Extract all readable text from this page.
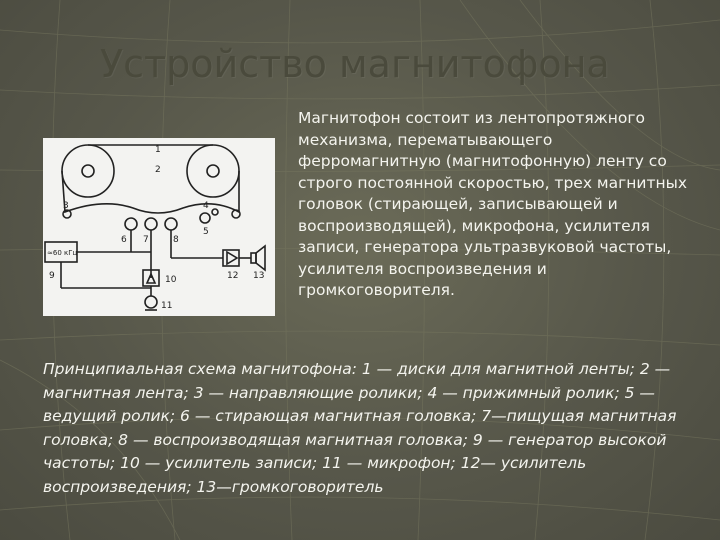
Устройство магнитофона
1
2
3	4
5
6 7	8
9	10
11
12 13
≈60 кГц
Магнитофон состоит из лентопротяжного механизма, перематывающего ферромагнитную (магнитофонную) ленту со строго постоянной скоростью, трех магнитных головок (стирающей, записывающей и воспроизводящей), микрофона, усилителя записи, генератора ультразвуковой частоты, усилителя воспроизведения и громкоговорителя.
Принципиальная схема магнитофона: 1 — диски для магнитной ленты; 2 — магнитная лента; 3 — направляющие ролики; 4 — прижимный ролик; 5 — ведущий ролик; 6 — стирающая магнитная головка; 7—пищущая магнитная головка; 8 — воспроизводящая магнитная головка; 9 — генератор высокой частоты; 10 — усилитель записи; 11 — микрофон; 12— усилитель воспроизведения; 13—громкоговоритель
